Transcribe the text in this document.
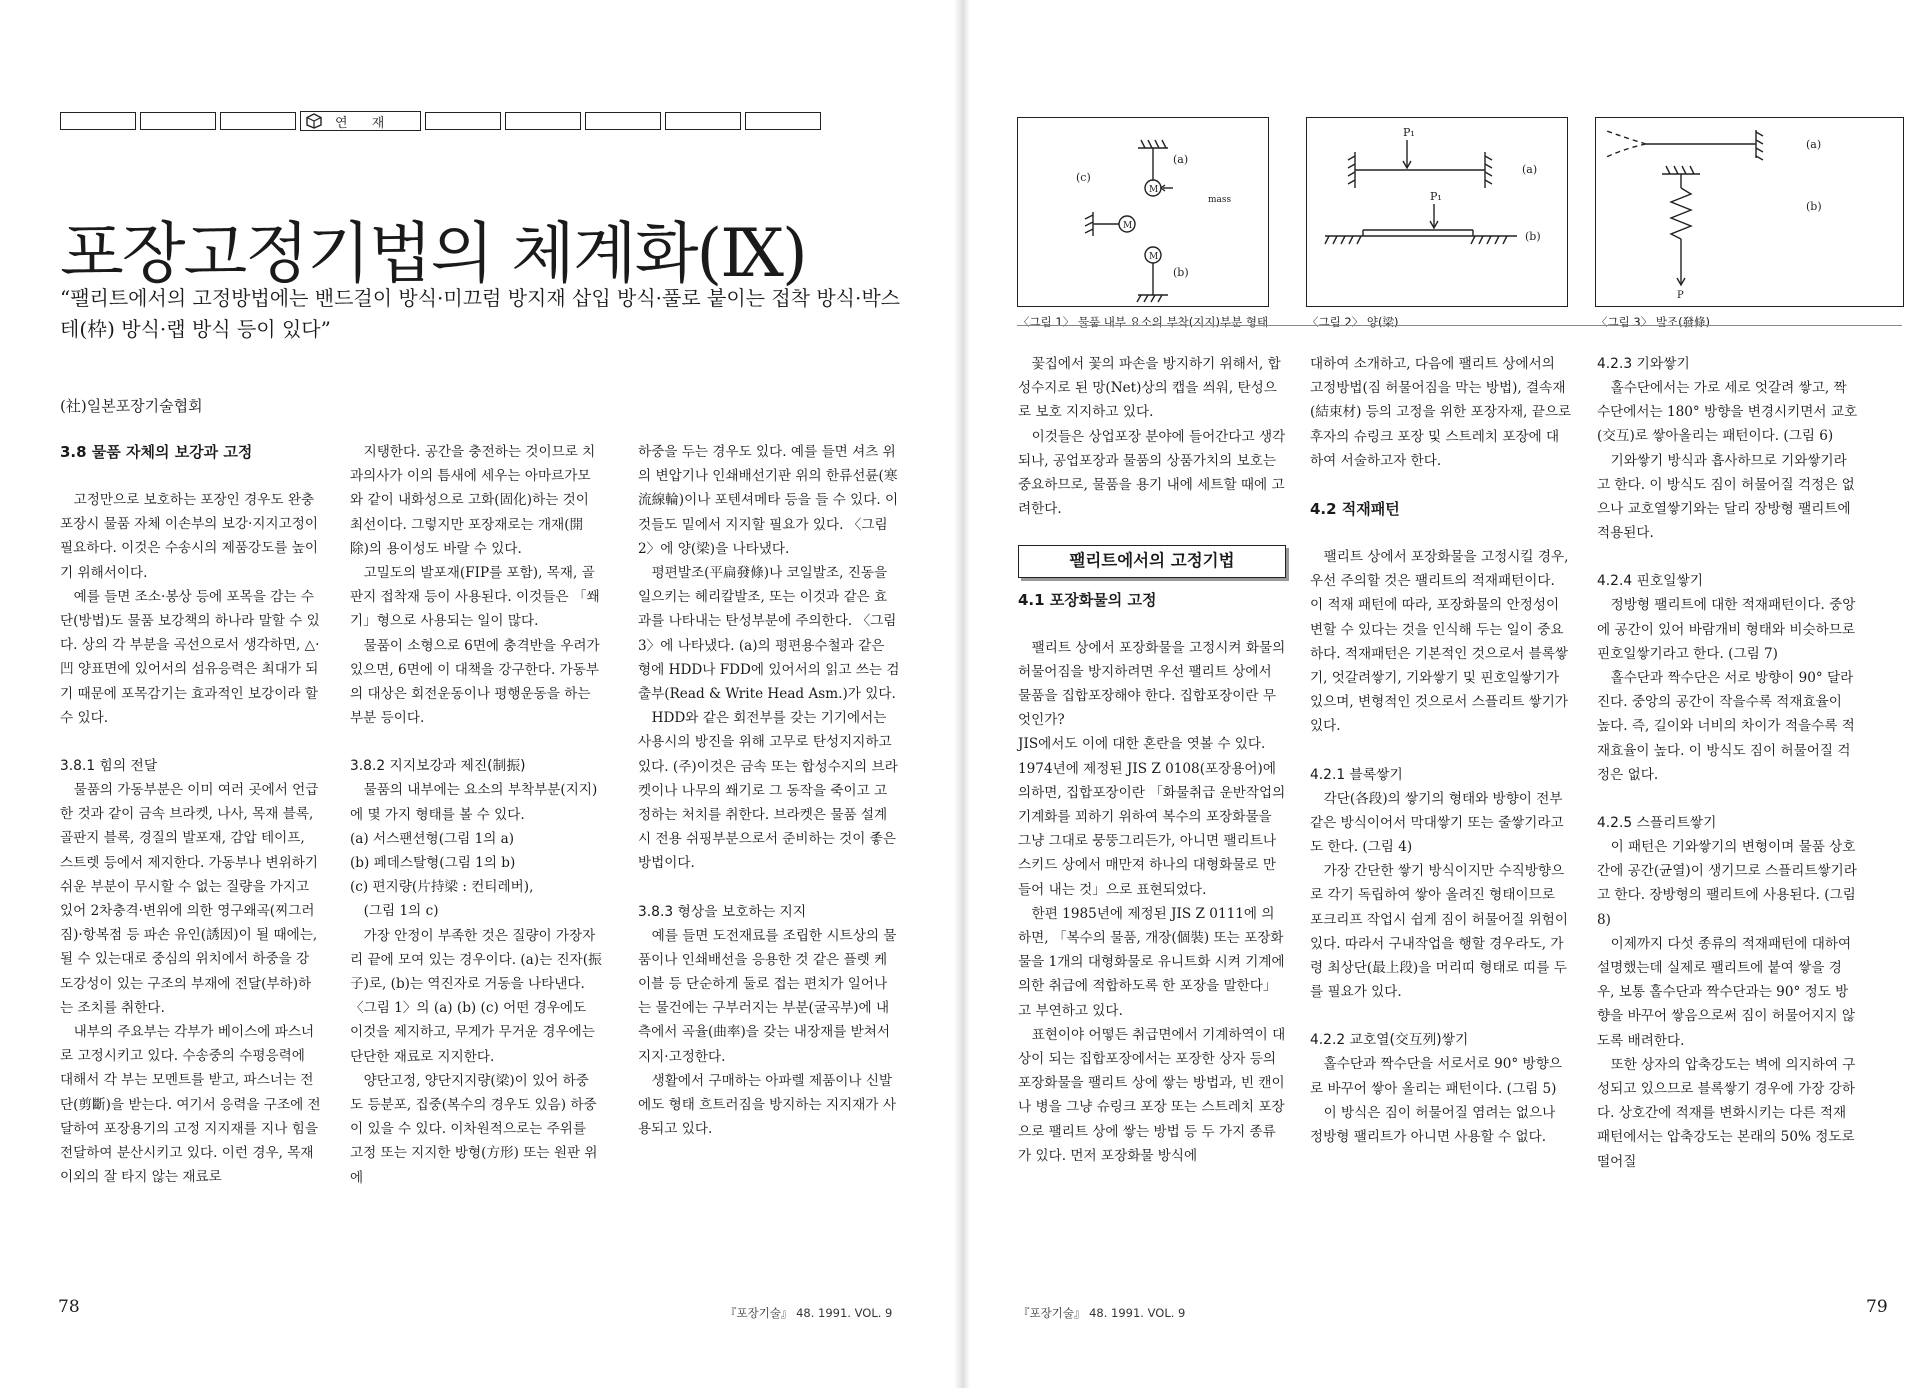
연 재
포장고정기법의 체계화(Ⅸ)

“팰리트에서의 고정방법에는 밴드걸이 방식·미끄럼 방지재 삽입 방식·풀로 붙이는 접착 방식·박스테(枠) 방식·랩 방식 등이 있다”

(社)일본포장기술협회

3.8 물품 자체의 보강과 고정

고정만으로 보호하는 포장인 경우도 완충포장시 물품 자체 이손부의 보강·지지고정이 필요하다. 이것은 수송시의 제품강도를 높이기 위해서이다.

예를 들면 조소·봉상 등에 포목을 감는 수단(방법)도 물품 보강책의 하나라 말할 수 있다. 상의 각 부분을 곡선으로서 생각하면, △·凹 양표면에 있어서의 섬유응력은 최대가 되기 때문에 포목감기는 효과적인 보강이라 할 수 있다.

3.8.1 힘의 전달

물품의 가동부분은 이미 여러 곳에서 언급한 것과 같이 금속 브라켓, 나사, 목재 블록, 골판지 블록, 경질의 발포재, 감압 테이프, 스트렛 등에서 제지한다. 가동부나 변위하기 쉬운 부분이 무시할 수 없는 질량을 가지고 있어 2차충격·변위에 의한 영구왜곡(찌그러짐)·항복점 등 파손 유인(誘因)이 될 때에는, 될 수 있는대로 중심의 위치에서 하중을 강도강성이 있는 구조의 부재에 전달(부하)하는 조치를 취한다.

내부의 주요부는 각부가 베이스에 파스너로 고정시키고 있다. 수송중의 수평응력에 대해서 각 부는 모멘트를 받고, 파스너는 전단(剪斷)을 받는다. 여기서 응력을 구조에 전달하여 포장용기의 고정 지지재를 지나 힘을 전달하여 분산시키고 있다. 이런 경우, 목재 이외의 잘 타지 않는 재료로

지탱한다. 공간을 충전하는 것이므로 치과의사가 이의 틈새에 세우는 아마르가모와 같이 내화성으로 고화(固化)하는 것이 최선이다. 그렇지만 포장재로는 개재(開除)의 용이성도 바랄 수 있다.

고밀도의 발포재(FIP를 포함), 목재, 골판지 접착재 등이 사용된다. 이것들은 「쐐기」형으로 사용되는 일이 많다.

물품이 소형으로 6면에 충격반을 우려가 있으면, 6면에 이 대책을 강구한다. 가동부의 대상은 회전운동이나 평행운동을 하는 부분 등이다.

3.8.2 지지보강과 제진(制振)

물품의 내부에는 요소의 부착부분(지지)에 몇 가지 형태를 볼 수 있다.

(a) 서스팬션형(그림 1의 a)

(b) 페데스탈형(그림 1의 b)

(c) 편지량(片持梁 : 컨티레버),

(그림 1의 c)

가장 안정이 부족한 것은 질량이 가장자리 끝에 모여 있는 경우이다. (a)는 진자(振子)로, (b)는 역진자로 거동을 나타낸다. 〈그림 1〉의 (a) (b) (c) 어떤 경우에도 이것을 제지하고, 무게가 무거운 경우에는 단단한 재료로 지지한다.

양단고정, 양단지지량(梁)이 있어 하중도 등분포, 집중(복수의 경우도 있음) 하중이 있을 수 있다. 이차원적으로는 주위를 고정 또는 지지한 방형(方形) 또는 원판 위에

하중을 두는 경우도 있다. 예를 들면 셔츠 위의 변압기나 인쇄배선기판 위의 한류선륜(寒流線輪)이나 포텐셔메타 등을 들 수 있다. 이것들도 밑에서 지지할 필요가 있다. 〈그림 2〉에 양(梁)을 나타냈다.

평편발조(平扁發條)나 코일발조, 진동을 일으키는 헤리칼발조, 또는 이것과 같은 효과를 나타내는 탄성부분에 주의한다. 〈그림 3〉에 나타냈다. (a)의 평편용수철과 같은 형에 HDD나 FDD에 있어서의 읽고 쓰는 검출부(Read & Write Head Asm.)가 있다.

HDD와 같은 회전부를 갖는 기기에서는 사용시의 방진을 위해 고무로 탄성지지하고 있다. (주)이것은 금속 또는 합성수지의 브라켓이나 나무의 쐐기로 그 동작을 죽이고 고정하는 처치를 취한다. 브라켓은 물품 설계시 전용 쉬핑부분으로서 준비하는 것이 좋은 방법이다.

3.8.3 형상을 보호하는 지지

예를 들면 도전재료를 조립한 시트상의 물품이나 인쇄배선을 응용한 것 같은 플렛 케이블 등 단순하게 둘로 접는 편치가 일어나는 물건에는 구부러지는 부분(굴곡부)에 내측에서 곡율(曲率)을 갖는 내장재를 받쳐서 지지·고정한다.

생활에서 구매하는 아파렐 제품이나 신발에도 형태 흐트러짐을 방지하는 지지재가 사용되고 있다.

78	『포장기술』 48. 1991. VOL. 9
(a)
(b)
(c)
M
M
M
mass
〈그림 1〉 물품 내부 요소의 부착(지지)부분 형태
P₁
(a)
P₁
(b)
〈그림 2〉 양(梁)
(a)
(b)
P
〈그림 3〉 발조(發條)

꽃집에서 꽃의 파손을 방지하기 위해서, 합성수지로 된 망(Net)상의 캡을 씌워, 탄성으로 보호 지지하고 있다.

이것들은 상업포장 분야에 들어간다고 생각되나, 공업포장과 물품의 상품가치의 보호는 중요하므로, 물품을 용기 내에 세트할 때에 고려한다.

팰리트에서의 고정기법
4.1 포장화물의 고정

팰리트 상에서 포장화물을 고정시켜 화물의 허물어짐을 방지하려면 우선 팰리트 상에서 물품을 집합포장해야 한다. 집합포장이란 무엇인가?

JIS에서도 이에 대한 혼란을 엿볼 수 있다. 1974년에 제정된 JIS Z 0108(포장용어)에 의하면, 집합포장이란 「화물취급 운반작업의 기계화를 꾀하기 위하여 복수의 포장화물을 그냥 그대로 뭉뚱그리든가, 아니면 팰리트나 스키드 상에서 매만져 하나의 대형화물로 만들어 내는 것」으로 표현되었다.

한편 1985년에 제정된 JIS Z 0111에 의하면, 「복수의 물품, 개장(個裝) 또는 포장화물을 1개의 대형화물로 유니트화 시켜 기계에 의한 취급에 적합하도록 한 포장을 말한다」고 부연하고 있다.

표현이야 어떻든 취급면에서 기계하역이 대상이 되는 집합포장에서는 포장한 상자 등의 포장화물을 팰리트 상에 쌓는 방법과, 빈 캔이나 병을 그냥 슈링크 포장 또는 스트레치 포장으로 팰리트 상에 쌓는 방법 등 두 가지 종류가 있다. 먼저 포장화물 방식에

대하여 소개하고, 다음에 팰리트 상에서의 고정방법(짐 허물어짐을 막는 방법), 결속재(結束材) 등의 고정을 위한 포장자재, 끝으로 후자의 슈링크 포장 및 스트레치 포장에 대하여 서술하고자 한다.

4.2 적재패턴

팰리트 상에서 포장화물을 고정시킬 경우, 우선 주의할 것은 팰리트의 적재패턴이다. 이 적재 패턴에 따라, 포장화물의 안정성이 변할 수 있다는 것을 인식해 두는 일이 중요하다. 적재패턴은 기본적인 것으로서 블록쌓기, 엇갈려쌓기, 기와쌓기 및 핀호일쌓기가 있으며, 변형적인 것으로서 스플리트 쌓기가 있다.

4.2.1 블록쌓기

각단(各段)의 쌓기의 형태와 방향이 전부 같은 방식이어서 막대쌓기 또는 줄쌓기라고도 한다. (그림 4)

가장 간단한 쌓기 방식이지만 수직방향으로 각기 독립하여 쌓아 올려진 형태이므로 포크리프 작업시 쉽게 짐이 허물어질 위험이 있다. 따라서 구내작업을 행할 경우라도, 가령 최상단(最上段)을 머리띠 형태로 띠를 두를 필요가 있다.

4.2.2 교호열(交互列)쌓기

홀수단과 짝수단을 서로서로 90° 방향으로 바꾸어 쌓아 올리는 패턴이다. (그림 5)

이 방식은 짐이 허물어질 염려는 없으나 정방형 팰리트가 아니면 사용할 수 없다.

4.2.3 기와쌓기

홀수단에서는 가로 세로 엇갈려 쌓고, 짝수단에서는 180° 방향을 변경시키면서 교호(交互)로 쌓아올리는 패턴이다. (그림 6)

기와쌓기 방식과 흡사하므로 기와쌓기라고 한다. 이 방식도 짐이 허물어질 걱정은 없으나 교호열쌓기와는 달리 장방형 팰리트에 적용된다.

4.2.4 핀호일쌓기

정방형 팰리트에 대한 적재패턴이다. 중앙에 공간이 있어 바람개비 형태와 비슷하므로 핀호일쌓기라고 한다. (그림 7)

홀수단과 짝수단은 서로 방향이 90° 달라진다. 중앙의 공간이 작을수록 적재효율이 높다. 즉, 길이와 너비의 차이가 적을수록 적재효율이 높다. 이 방식도 짐이 허물어질 걱정은 없다.

4.2.5 스플리트쌓기

이 패턴은 기와쌓기의 변형이며 물품 상호간에 공간(균열)이 생기므로 스플리트쌓기라고 한다. 장방형의 팰리트에 사용된다. (그림 8)

이제까지 다섯 종류의 적재패턴에 대하여 설명했는데 실제로 팰리트에 붙여 쌓을 경우, 보통 홀수단과 짝수단과는 90° 정도 방향을 바꾸어 쌓음으로써 짐이 허물어지지 않도록 배려한다.

또한 상자의 압축강도는 벽에 의지하여 구성되고 있으므로 블록쌓기 경우에 가장 강하다. 상호간에 적재를 변화시키는 다른 적재패턴에서는 압축강도는 본래의 50% 정도로 떨어질

『포장기술』 48. 1991. VOL. 9	79
